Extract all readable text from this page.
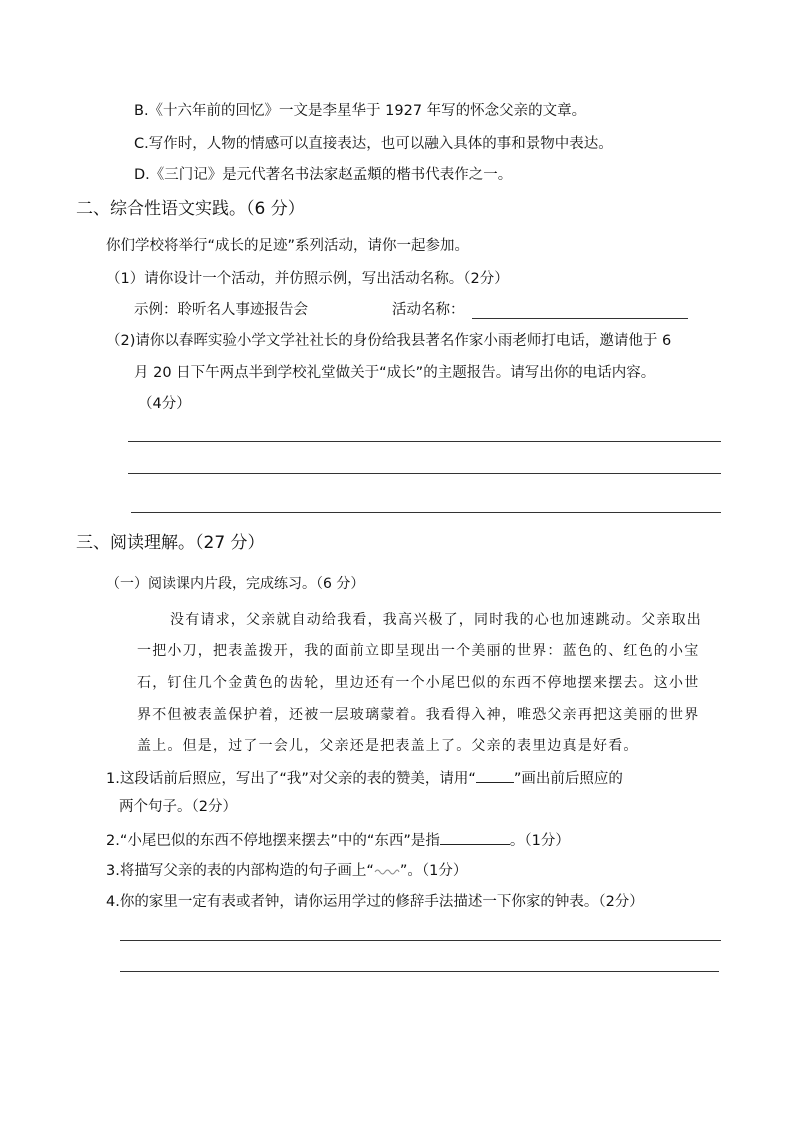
B.《十六年前的回忆》一文是李星华于 1927 年写的怀念父亲的文章。
C.写作时，人物的情感可以直接表达，也可以融入具体的事和景物中表达。
D.《三门记》是元代著名书法家赵孟頫的楷书代表作之一。
二、综合性语文实践。（6 分）
你们学校将举行“成长的足迹”系列活动，请你一起参加。
（1）请你设计一个活动，并仿照示例，写出活动名称。（2分）
示例：聆听名人事迹报告会	活动名称：
（2)请你以春晖实验小学文学社社长的身份给我县著名作家小雨老师打电话，邀请他于 6
月 20 日下午两点半到学校礼堂做关于“成长”的主题报告。请写出你的电话内容。
（4分）
三、阅读理解。（27 分）
（一）阅读课内片段，完成练习。（6 分）
没有请求，父亲就自动给我看，我高兴极了，同时我的心也加速跳动。父亲取出
一把小刀，把表盖拨开，我的面前立即呈现出一个美丽的世界：蓝色的、红色的小宝
石，钉住几个金黄色的齿轮，里边还有一个小尾巴似的东西不停地摆来摆去。这小世
界不但被表盖保护着，还被一层玻璃蒙着。我看得入神，唯恐父亲再把这美丽的世界
盖上。但是，过了一会儿，父亲还是把表盖上了。父亲的表里边真是好看。
1.这段话前后照应，写出了“我”对父亲的表的赞美，请用“	”画出前后照应的
两个句子。（2分）
2.“小尾巴似的东西不停地摆来摆去”中的“东西”是指	。（1分）
3.将描写父亲的表的内部构造的句子画上“ ”。（1分）
4.你的家里一定有表或者钟，请你运用学过的修辞手法描述一下你家的钟表。（2分）
